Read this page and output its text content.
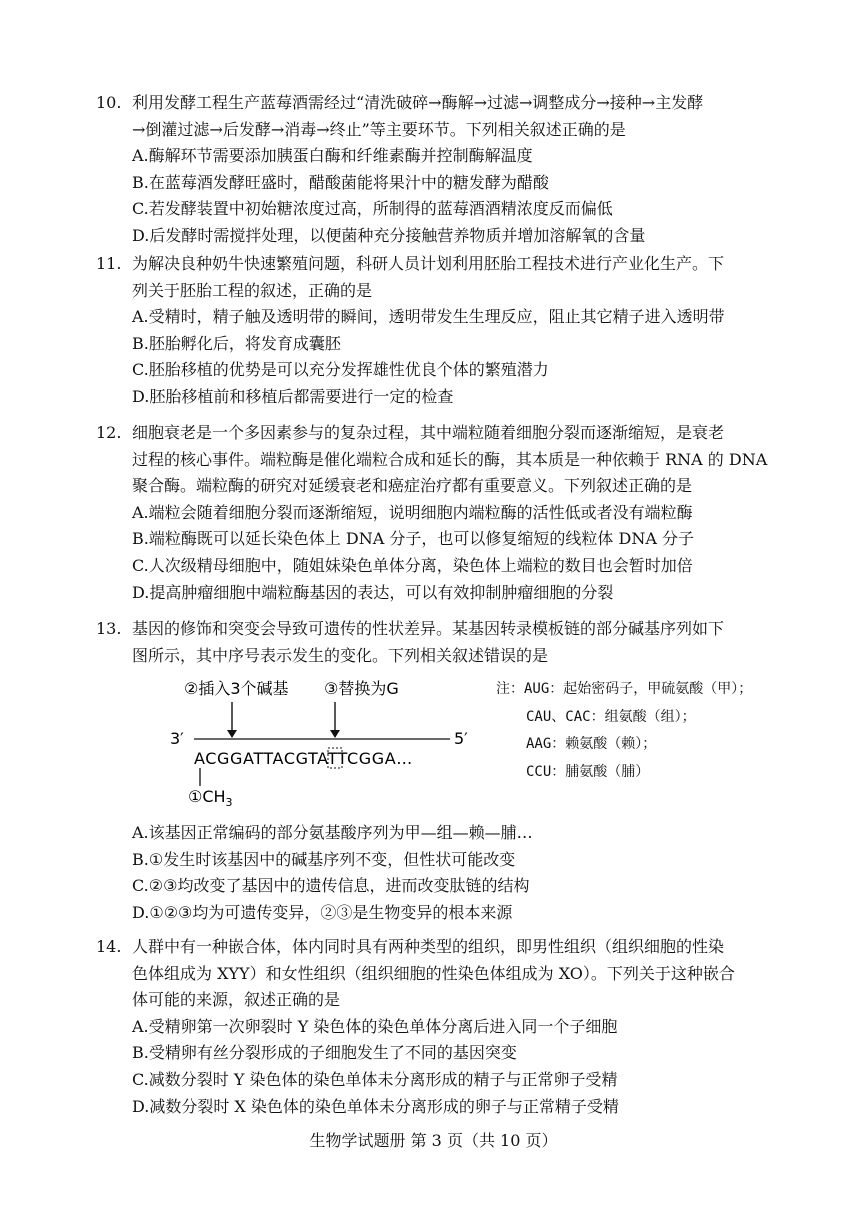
10. 利用发酵工程生产蓝莓酒需经过“清洗破碎→酶解→过滤→调整成分→接种→主发酵
→倒灌过滤→后发酵→消毒→终止”等主要环节。下列相关叙述正确的是
A.酶解环节需要添加胰蛋白酶和纤维素酶并控制酶解温度
B.在蓝莓酒发酵旺盛时，醋酸菌能将果汁中的糖发酵为醋酸
C.若发酵装置中初始糖浓度过高，所制得的蓝莓酒酒精浓度反而偏低
D.后发酵时需搅拌处理，以便菌种充分接触营养物质并增加溶解氧的含量
11. 为解决良种奶牛快速繁殖问题，科研人员计划利用胚胎工程技术进行产业化生产。下
列关于胚胎工程的叙述，正确的是
A.受精时，精子触及透明带的瞬间，透明带发生生理反应，阻止其它精子进入透明带
B.胚胎孵化后，将发育成囊胚
C.胚胎移植的优势是可以充分发挥雄性优良个体的繁殖潜力
D.胚胎移植前和移植后都需要进行一定的检查
12. 细胞衰老是一个多因素参与的复杂过程，其中端粒随着细胞分裂而逐渐缩短，是衰老
过程的核心事件。端粒酶是催化端粒合成和延长的酶，其本质是一种依赖于 RNA 的 DNA
聚合酶。端粒酶的研究对延缓衰老和癌症治疗都有重要意义。下列叙述正确的是
A.端粒会随着细胞分裂而逐渐缩短，说明细胞内端粒酶的活性低或者没有端粒酶
B.端粒酶既可以延长染色体上 DNA 分子，也可以修复缩短的线粒体 DNA 分子
C.人次级精母细胞中，随姐妹染色单体分离，染色体上端粒的数目也会暂时加倍
D.提高肿瘤细胞中端粒酶基因的表达，可以有效抑制肿瘤细胞的分裂
13. 基因的修饰和突变会导致可遗传的性状差异。某基因转录模板链的部分碱基序列如下
图所示，其中序号表示发生的变化。下列相关叙述错误的是
②插入3个碱基 ③替换为G
3′	5′
ACGGATTACGTATTCGGA…
$①CH_3$
注：AUG：起始密码子，甲硫氨酸（甲）；
CAU、CAC：组氨酸（组）；
AAG：赖氨酸（赖）；
CCU：脯氨酸（脯）
A.该基因正常编码的部分氨基酸序列为甲—组—赖—脯…
B.①发生时该基因中的碱基序列不变，但性状可能改变
C.②③均改变了基因中的遗传信息，进而改变肽链的结构
D.①②③均为可遗传变异，②③是生物变异的根本来源
14. 人群中有一种嵌合体，体内同时具有两种类型的组织，即男性组织（组织细胞的性染
色体组成为 XYY）和女性组织（组织细胞的性染色体组成为 XO）。下列关于这种嵌合
体可能的来源，叙述正确的是
A.受精卵第一次卵裂时 Y 染色体的染色单体分离后进入同一个子细胞
B.受精卵有丝分裂形成的子细胞发生了不同的基因突变
C.减数分裂时 Y 染色体的染色单体未分离形成的精子与正常卵子受精
D.减数分裂时 X 染色体的染色单体未分离形成的卵子与正常精子受精
生物学试题册 第 3 页（共 10 页）
